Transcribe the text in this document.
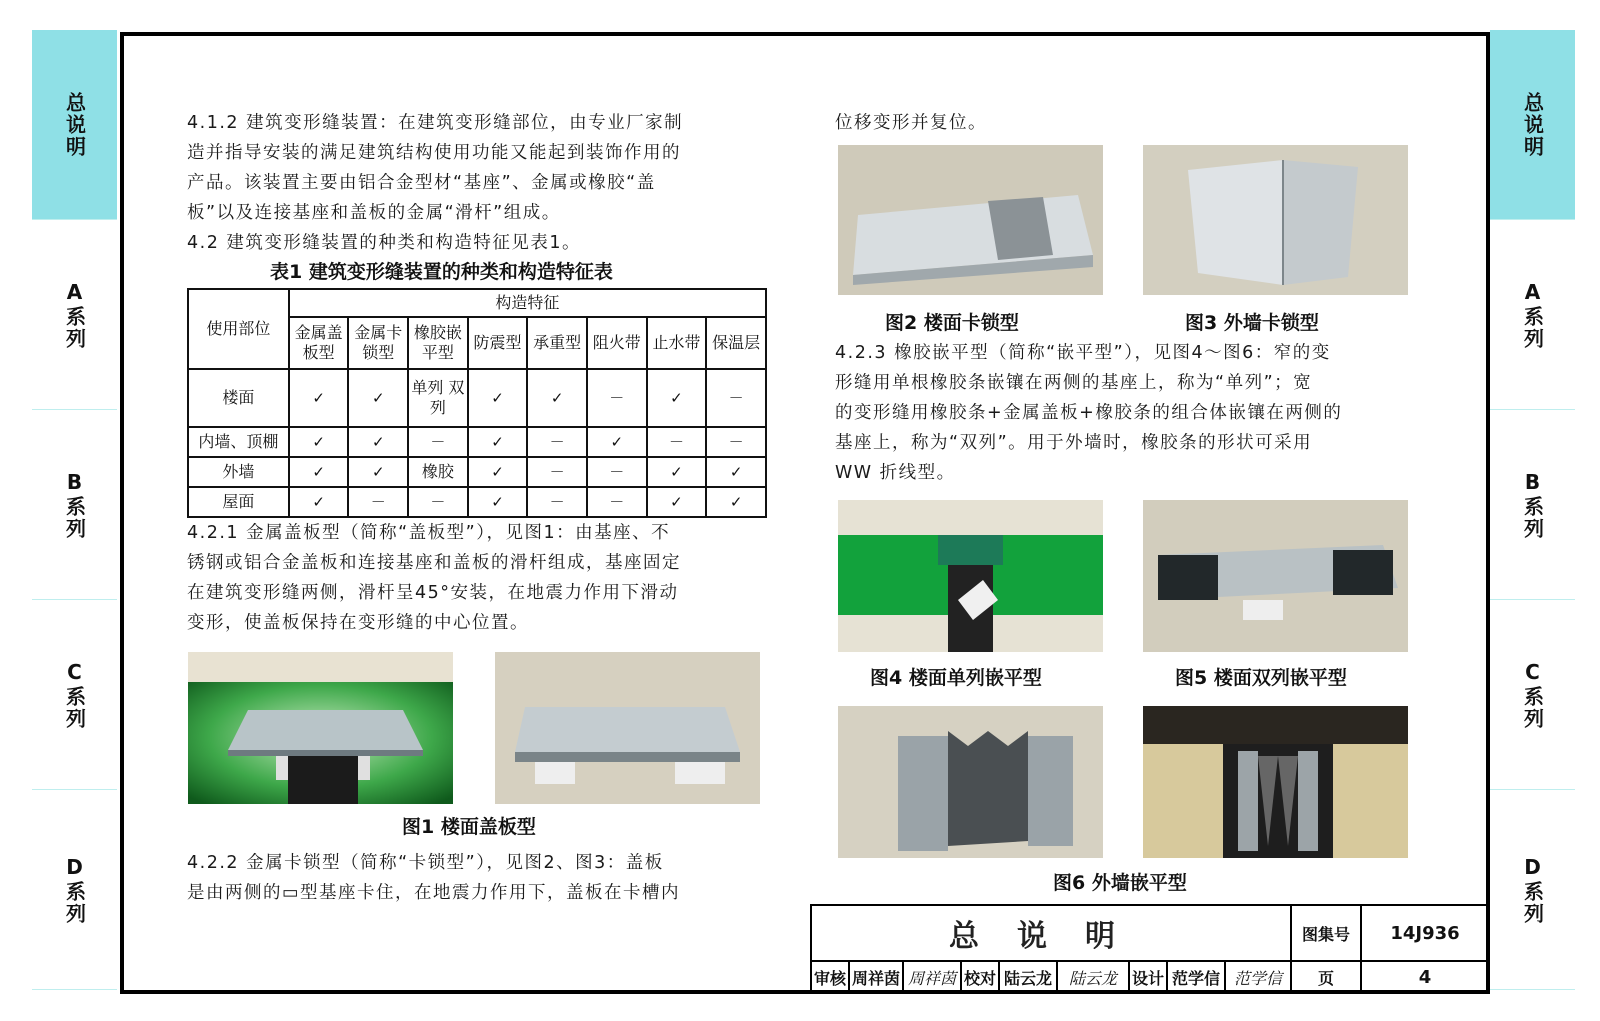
总说明
A系列
B系列
C系列
D系列
总说明
A系列
B系列
C系列
D系列
4.1.2 建筑变形缝装置：在建筑变形缝部位，由专业厂家制
造并指导安装的满足建筑结构使用功能又能起到装饰作用的
产品。该装置主要由铝合金型材“基座”、金属或橡胶“盖
板”以及连接基座和盖板的金属“滑杆”组成。
4.2 建筑变形缝装置的种类和构造特征见表1。
表1 建筑变形缝装置的种类和构造特征表
使用部位	构造特征							
	金属盖板型	金属卡锁型	橡胶嵌平型	防震型	承重型	阻火带	止水带	保温层
楼面	✓	✓	单列 双列	✓	✓	－	✓	－
内墙、顶棚	✓	✓	－	✓	－	✓	－	－
外墙	✓	✓	橡胶	✓	－	－	✓	✓
屋面	✓	－	－	✓	－	－	✓	✓
4.2.1 金属盖板型（简称“盖板型”），见图1：由基座、不
锈钢或铝合金盖板和连接基座和盖板的滑杆组成，基座固定
在建筑变形缝两侧，滑杆呈45°安装，在地震力作用下滑动
变形，使盖板保持在变形缝的中心位置。
图1 楼面盖板型
4.2.2 金属卡锁型（简称“卡锁型”），见图2、图3：盖板
是由两侧的▭型基座卡住，在地震力作用下，盖板在卡槽内
位移变形并复位。
图2 楼面卡锁型	图3 外墙卡锁型
4.2.3 橡胶嵌平型（简称“嵌平型”），见图4～图6：窄的变
形缝用单根橡胶条嵌镶在两侧的基座上，称为“单列”；宽
的变形缝用橡胶条+金属盖板+橡胶条的组合体嵌镶在两侧的
基座上，称为“双列”。用于外墙时，橡胶条的形状可采用
WW 折线型。
图4 楼面单列嵌平型	图5 楼面双列嵌平型
图6 外墙嵌平型
总说明	图集号	14J936
审核 周祥茵 周祥茵 校对 陆云龙	陆云龙 设计 范学信 范学信	页	4
